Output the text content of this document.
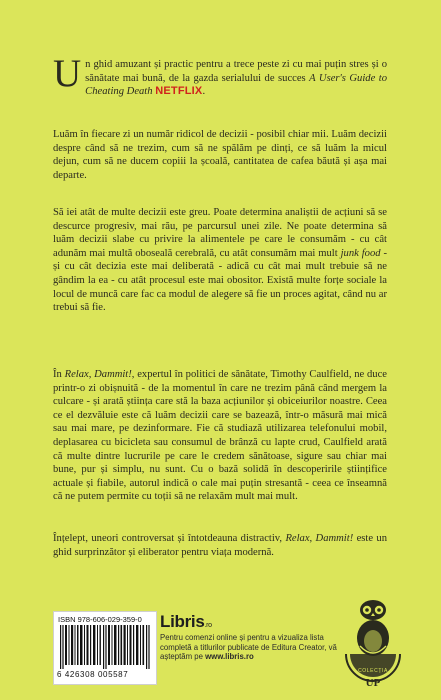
Un ghid amuzant și practic pentru a trece peste zi cu mai puțin stres și o sănătate mai bună, de la gazda serialului de succes A User's Guide to Cheating Death NETFLIX.

Luăm în fiecare zi un număr ridicol de decizii - posibil chiar mii. Luăm decizii despre când să ne trezim, cum să ne spălăm pe dinți, ce să luăm la micul dejun, cum să ne ducem copiii la școală, cantitatea de cafea băută și așa mai departe.

Să iei atât de multe decizii este greu. Poate determina analiștii de acțiuni să se descurce progresiv, mai rău, pe parcursul unei zile. Ne poate determina să luăm decizii slabe cu privire la alimentele pe care le consumăm - cu cât adunăm mai multă oboseală cerebrală, cu atât consumăm mai mult junk food - și cu cât decizia este mai deliberată - adică cu cât mai mult trebuie să ne gândim la ea - cu atât procesul este mai obositor. Există multe forțe sociale la locul de muncă care fac ca modul de alegere să fie un proces agitat, când nu ar trebui să fie.

În Relax, Dammit!, expertul în politici de sănătate, Timothy Caulfield, ne duce printr-o zi obișnuită - de la momentul în care ne trezim până când mergem la culcare - și arată știința care stă la baza acțiunilor și obiceiurilor noastre. Ceea ce el dezvăluie este că luăm decizii care se bazează, într-o măsură mai mică sau mai mare, pe dezinformare. Fie că studiază utilizarea telefonului mobil, deplasarea cu bicicleta sau consumul de brânză cu lapte crud, Caulfield arată că multe dintre lucrurile pe care le credem sănătoase, sigure sau chiar mai bune, pur și simplu, nu sunt. Cu o bază solidă în descoperirile științifice actuale și fiabile, autorul indică o cale mai puțin stresantă - ceea ce înseamnă că ne putem permite cu toții să ne relaxăm mult mai mult.

Înțelept, uneori controversat și întotdeauna distractiv, Relax, Dammit! este un ghid surprinzător și eliberator pentru viața modernă.

ISBN 978-606-029-359-0
6 426308 005587
Libris.ro

Pentru comenzi online și pentru a vizualiza lista completă a titlurilor publicate de Editura Creator, vă așteptăm pe www.libris.ro

COLECȚIA
UP
